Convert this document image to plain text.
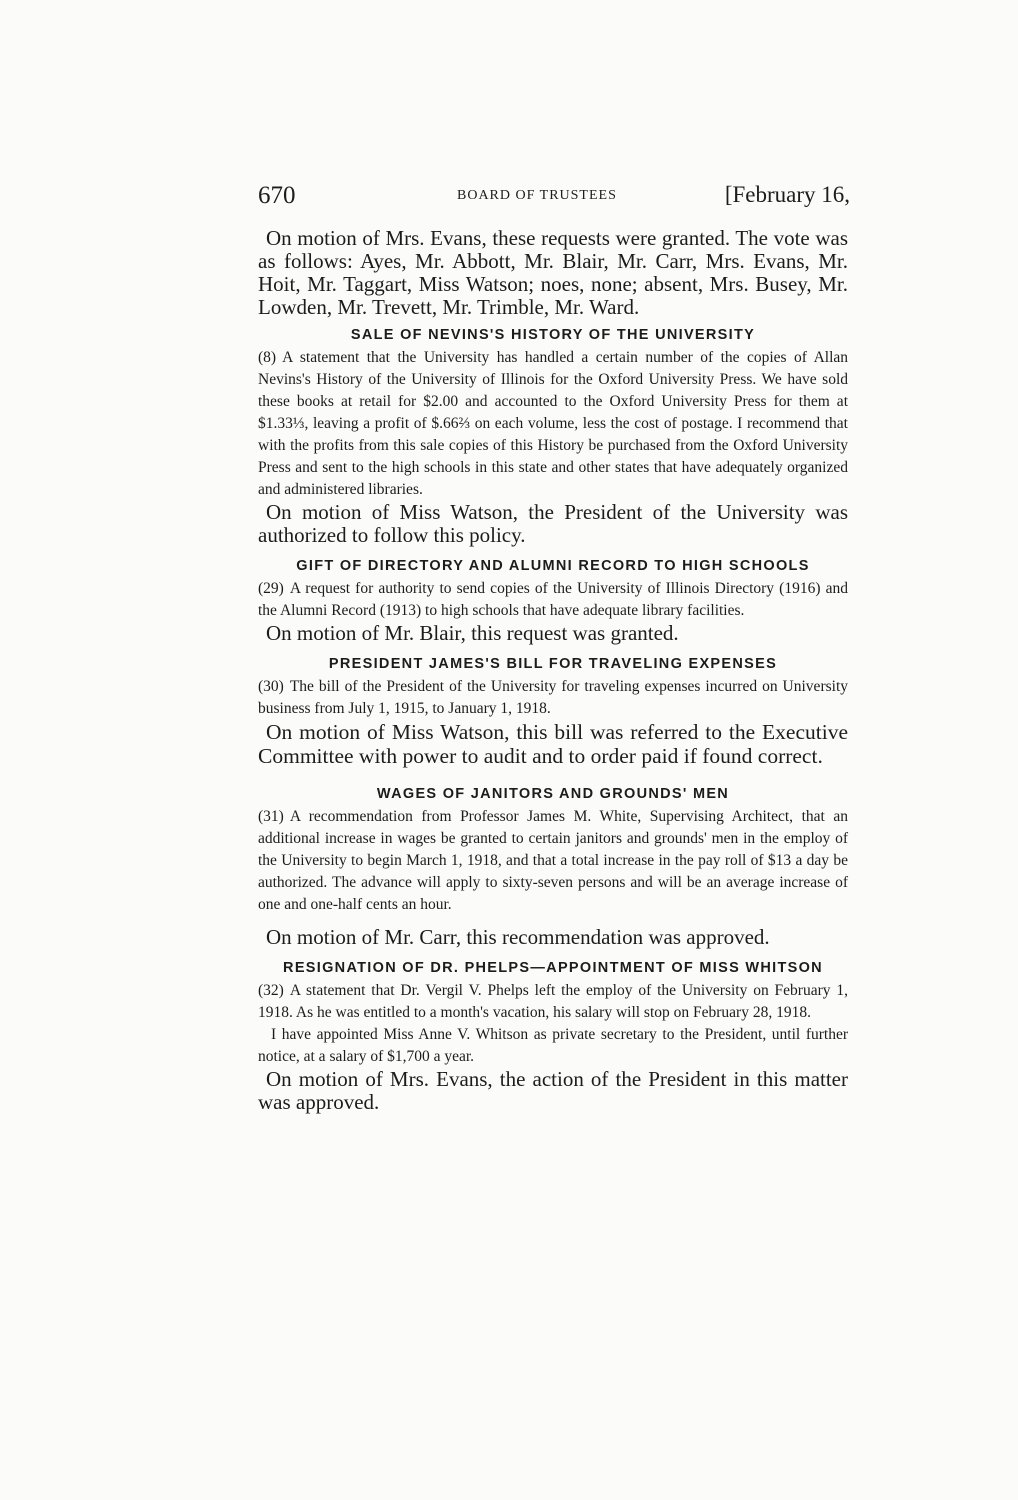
670	BOARD OF TRUSTEES	[February 16,

On motion of Mrs. Evans, these requests were granted. The vote was as follows: Ayes, Mr. Abbott, Mr. Blair, Mr. Carr, Mrs. Evans, Mr. Hoit, Mr. Taggart, Miss Watson; noes, none; absent, Mrs. Busey, Mr. Lowden, Mr. Trevett, Mr. Trimble, Mr. Ward.

SALE OF NEVINS'S HISTORY OF THE UNIVERSITY

(8) A statement that the University has handled a certain number of the copies of Allan Nevins's History of the University of Illinois for the Oxford University Press. We have sold these books at retail for $2.00 and accounted to the Oxford University Press for them at $1.33⅓, leaving a profit of $.66⅔ on each volume, less the cost of postage. I recommend that with the profits from this sale copies of this History be purchased from the Oxford University Press and sent to the high schools in this state and other states that have adequately organized and administered libraries.

On motion of Miss Watson, the President of the University was authorized to follow this policy.

GIFT OF DIRECTORY AND ALUMNI RECORD TO HIGH SCHOOLS

(29) A request for authority to send copies of the University of Illinois Directory (1916) and the Alumni Record (1913) to high schools that have adequate library facilities.

On motion of Mr. Blair, this request was granted.

PRESIDENT JAMES'S BILL FOR TRAVELING EXPENSES

(30) The bill of the President of the University for traveling expenses incurred on University business from July 1, 1915, to January 1, 1918.

On motion of Miss Watson, this bill was referred to the Executive Committee with power to audit and to order paid if found correct.

WAGES OF JANITORS AND GROUNDS' MEN

(31) A recommendation from Professor James M. White, Supervising Architect, that an additional increase in wages be granted to certain janitors and grounds' men in the employ of the University to begin March 1, 1918, and that a total increase in the pay roll of $13 a day be authorized. The advance will apply to sixty-seven persons and will be an average increase of one and one-half cents an hour.

On motion of Mr. Carr, this recommendation was approved.

RESIGNATION OF DR. PHELPS—APPOINTMENT OF MISS WHITSON

(32) A statement that Dr. Vergil V. Phelps left the employ of the University on February 1, 1918. As he was entitled to a month's vacation, his salary will stop on February 28, 1918.

I have appointed Miss Anne V. Whitson as private secretary to the President, until further notice, at a salary of $1,700 a year.

On motion of Mrs. Evans, the action of the President in this matter was approved.
